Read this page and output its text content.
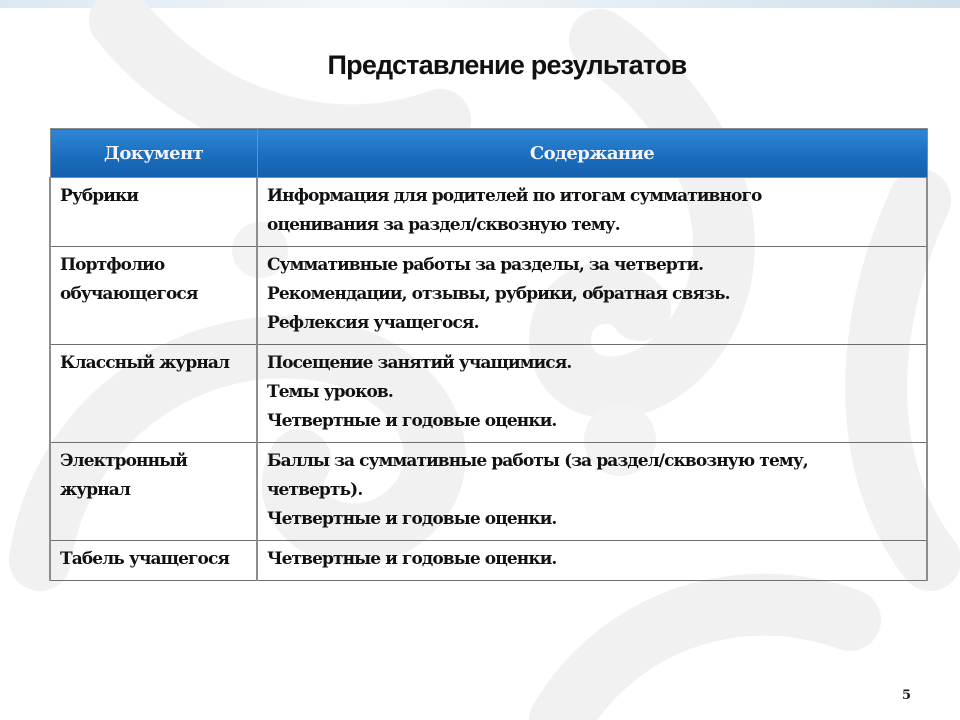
Представление результатов
Документ	Содержание

Рубрики	Информация для родителей по итогам суммативного
оценивания за раздел/сквозную тему.

Портфолио
обучающегося	Суммативные работы за разделы, за четверти.
Рекомендации, отзывы, рубрики, обратная связь.
Рефлексия учащегося.

Классный журнал	Посещение занятий учащимися.
Темы уроков.
Четвертные и годовые оценки.

Электронный
журнал	Баллы за суммативные работы (за раздел/сквозную тему,
четверть).
Четвертные и годовые оценки.

Табель учащегося	Четвертные и годовые оценки.
5
